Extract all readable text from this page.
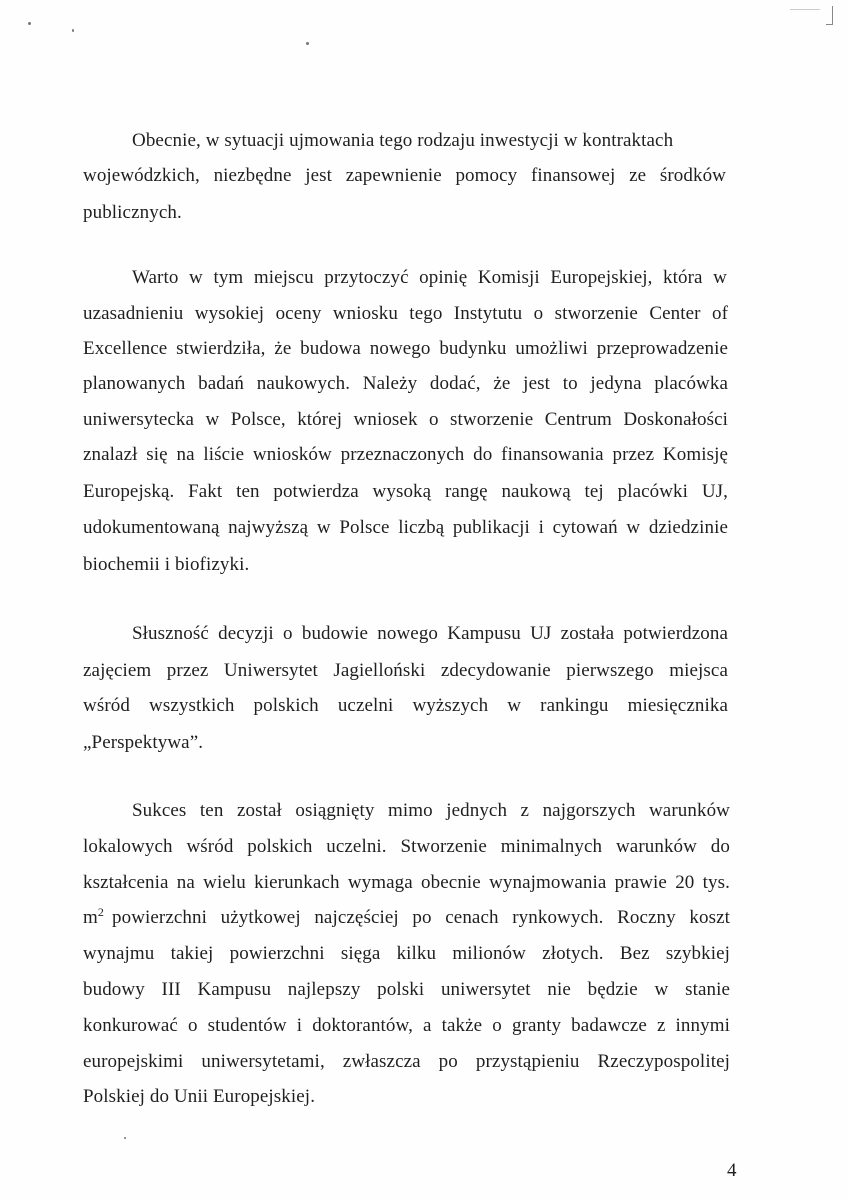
Obecnie, w sytuacji ujmowania tego rodzaju inwestycji w kontraktach
wojewódzkich, niezbędne jest zapewnienie pomocy finansowej ze środków
publicznych.
Warto w tym miejscu przytoczyć opinię Komisji Europejskiej, która w
uzasadnieniu wysokiej oceny wniosku tego Instytutu o stworzenie Center of
Excellence stwierdziła, że budowa nowego budynku umożliwi przeprowadzenie
planowanych badań naukowych. Należy dodać, że jest to jedyna placówka
uniwersytecka w Polsce, której wniosek o stworzenie Centrum Doskonałości
znalazł się na liście wniosków przeznaczonych do finansowania przez Komisję
Europejską. Fakt ten potwierdza wysoką rangę naukową tej placówki UJ,
udokumentowaną najwyższą w Polsce liczbą publikacji i cytowań w dziedzinie
biochemii i biofizyki.
Słuszność decyzji o budowie nowego Kampusu UJ została potwierdzona
zajęciem przez Uniwersytet Jagielloński zdecydowanie pierwszego miejsca
wśród wszystkich polskich uczelni wyższych w rankingu miesięcznika
„Perspektywa”.
Sukces ten został osiągnięty mimo jednych z najgorszych warunków
lokalowych wśród polskich uczelni. Stworzenie minimalnych warunków do
kształcenia na wielu kierunkach wymaga obecnie wynajmowania prawie 20 tys.
$m^2$ powierzchni użytkowej najczęściej po cenach rynkowych. Roczny koszt
wynajmu takiej powierzchni sięga kilku milionów złotych. Bez szybkiej
budowy III Kampusu najlepszy polski uniwersytet nie będzie w stanie
konkurować o studentów i doktorantów, a także o granty badawcze z innymi
europejskimi uniwersytetami, zwłaszcza po przystąpieniu Rzeczypospolitej
Polskiej do Unii Europejskiej.
4
